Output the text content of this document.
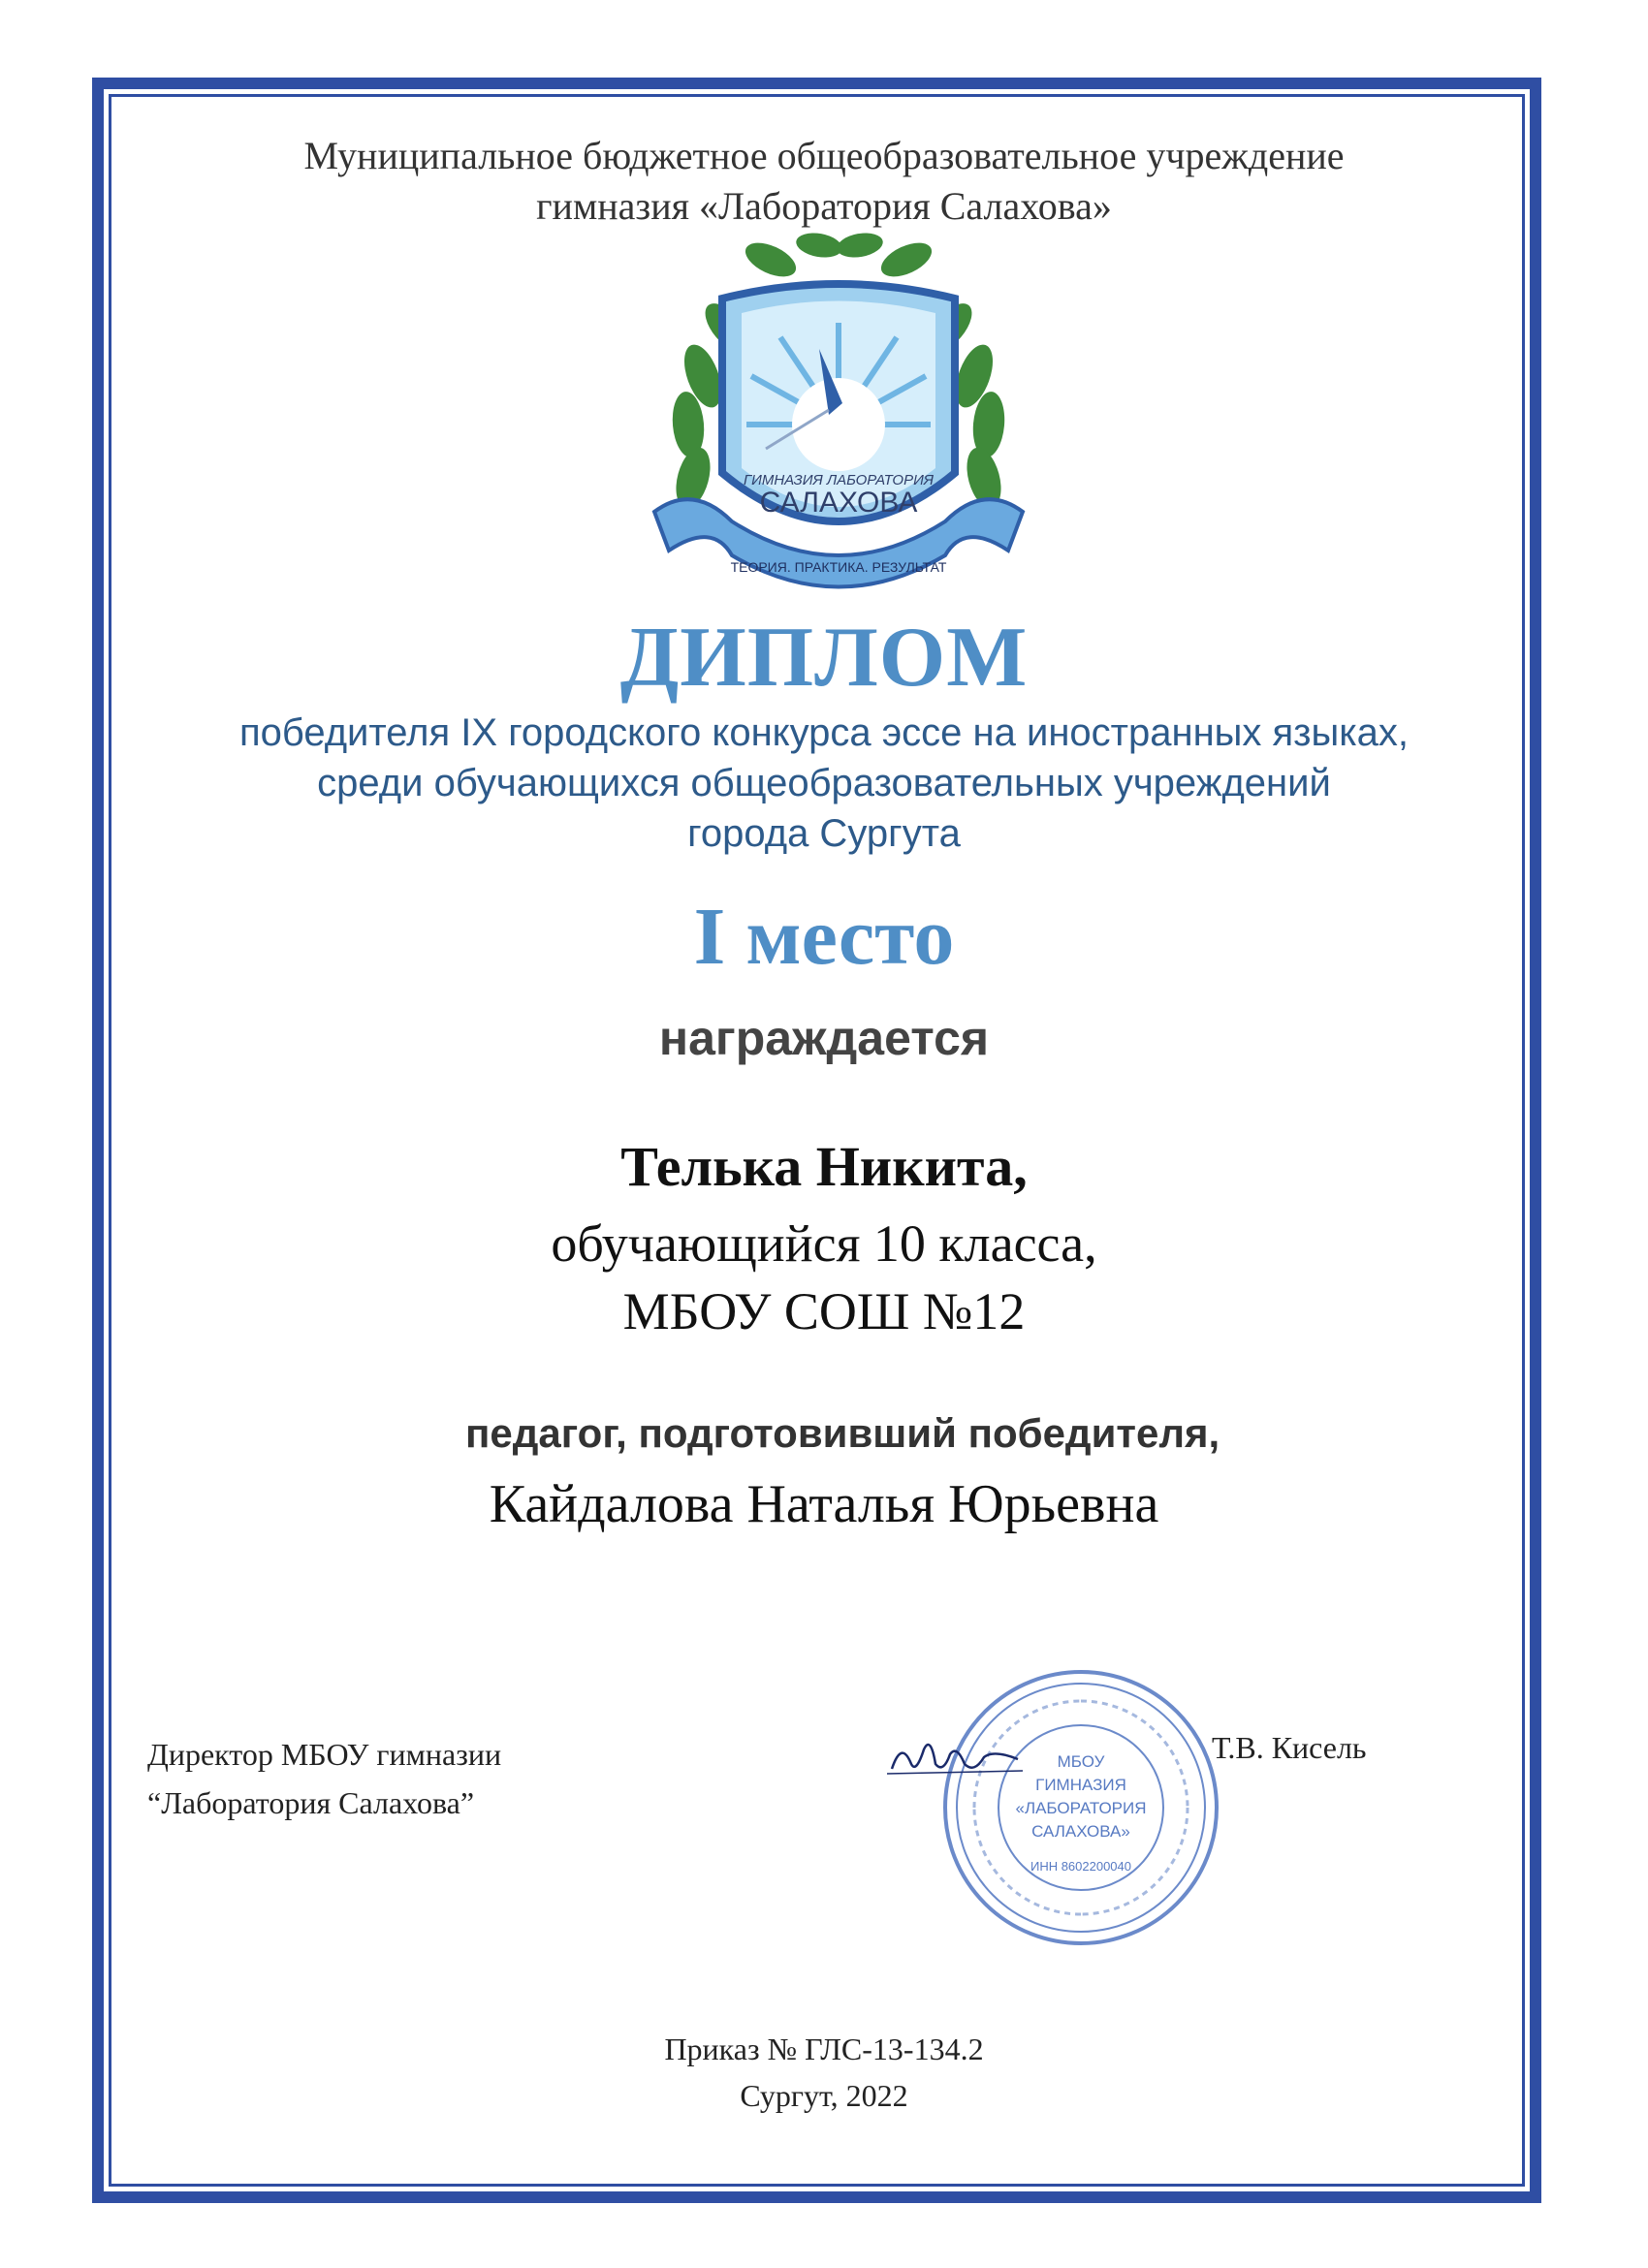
Муниципальное бюджетное общеобразовательное учреждение
гимназия «Лаборатория Салахова»
ГИМНАЗИЯ ЛАБОРАТОРИЯ
САЛАХОВА
ТЕОРИЯ. ПРАКТИКА. РЕЗУЛЬТАТ
ДИПЛОМ
победителя IX городского конкурса эссе на иностранных языках,
среди обучающихся общеобразовательных учреждений
города Сургута
I место
награждается
Телька Никита,
обучающийся 10 класса,
МБОУ СОШ №12
педагог, подготовивший победителя,
Кайдалова Наталья Юрьевна
Директор МБОУ гимназии
“Лаборатория Салахова”
МБОУ
ГИМНАЗИЯ
«ЛАБОРАТОРИЯ
САЛАХОВА»
ИНН 8602200040
Т.В. Кисель
Приказ № ГЛС-13-134.2
Сургут, 2022
